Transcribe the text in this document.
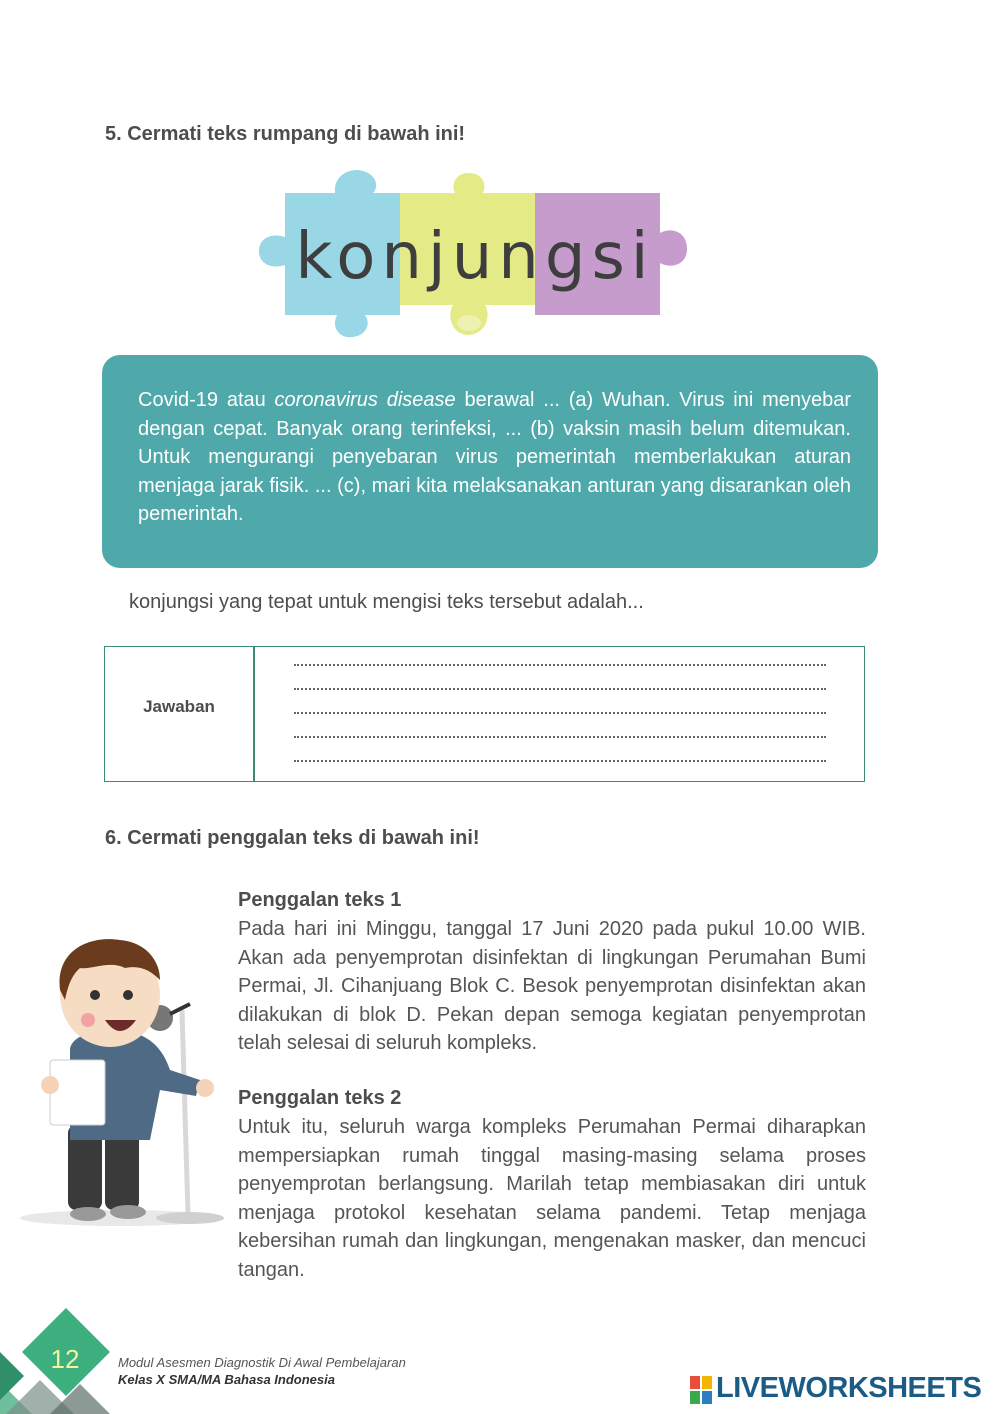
5. Cermati teks rumpang di bawah ini!
konjungsi
Covid-19 atau coronavirus disease berawal ... (a) Wuhan. Virus ini menyebar dengan cepat. Banyak orang terinfeksi, ... (b) vaksin masih belum ditemukan. Untuk mengurangi penyebaran virus pemerintah memberlakukan aturan menjaga jarak fisik. ... (c), mari kita melaksanakan anturan yang disarankan oleh pemerintah.
konjungsi yang tepat untuk mengisi teks tersebut adalah...
Jawaban
6. Cermati penggalan teks di bawah ini!
Penggalan teks 1
Pada hari ini Minggu, tanggal 17 Juni 2020 pada pukul 10.00 WIB. Akan ada penyemprotan disinfektan di lingkungan Perumahan Bumi Permai, Jl. Cihanjuang Blok C. Besok penyemprotan disinfektan akan dilakukan di blok D. Pekan depan semoga kegiatan penyemprotan telah selesai di seluruh kompleks.
Penggalan teks 2
Untuk itu, seluruh warga kompleks Perumahan Permai diharapkan mempersiapkan rumah tinggal masing-masing selama proses penyemprotan berlangsung. Marilah tetap membiasakan diri untuk menjaga protokol kesehatan selama pandemi. Tetap menjaga kebersihan rumah dan lingkungan, mengenakan masker, dan mencuci tangan.
12	Modul Asesmen Diagnostik Di Awal Pembelajaran
Kelas X SMA/MA Bahasa Indonesia	LIVEWORKSHEETS
